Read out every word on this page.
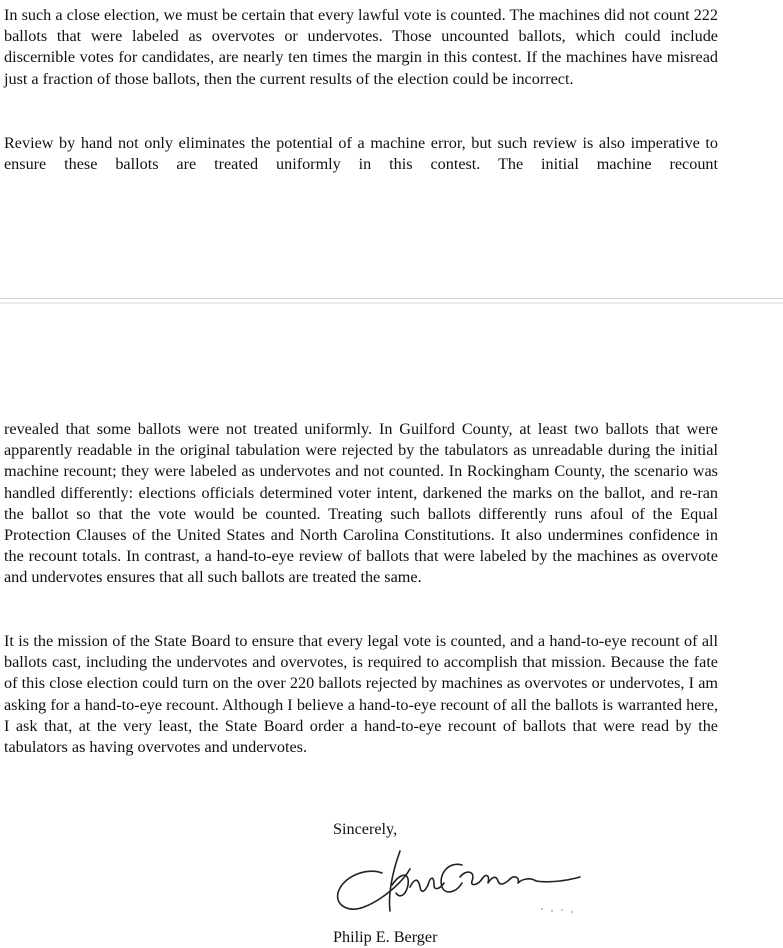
In such a close election, we must be certain that every lawful vote is counted. The machines did not count 222 ballots that were labeled as overvotes or undervotes. Those uncounted ballots, which could include discernible votes for candidates, are nearly ten times the margin in this contest. If the machines have misread just a fraction of those ballots, then the current results of the election could be incorrect.

Review by hand not only eliminates the potential of a machine error, but such review is also imperative to ensure these ballots are treated uniformly in this contest. The initial machine recount

revealed that some ballots were not treated uniformly. In Guilford County, at least two ballots that were apparently readable in the original tabulation were rejected by the tabulators as unreadable during the initial machine recount; they were labeled as undervotes and not counted. In Rockingham County, the scenario was handled differently: elections officials determined voter intent, darkened the marks on the ballot, and re-ran the ballot so that the vote would be counted. Treating such ballots differently runs afoul of the Equal Protection Clauses of the United States and North Carolina Constitutions. It also undermines confidence in the recount totals. In contrast, a hand-to-eye review of ballots that were labeled by the machines as overvote and undervotes ensures that all such ballots are treated the same.

It is the mission of the State Board to ensure that every legal vote is counted, and a hand-to-eye recount of all ballots cast, including the undervotes and overvotes, is required to accomplish that mission. Because the fate of this close election could turn on the over 220 ballots rejected by machines as overvotes or undervotes, I am asking for a hand-to-eye recount. Although I believe a hand-to-eye recount of all the ballots is warranted here, I ask that, at the very least, the State Board order a hand-to-eye recount of ballots that were read by the tabulators as having overvotes and undervotes.

Sincerely,

Philip E. Berger
